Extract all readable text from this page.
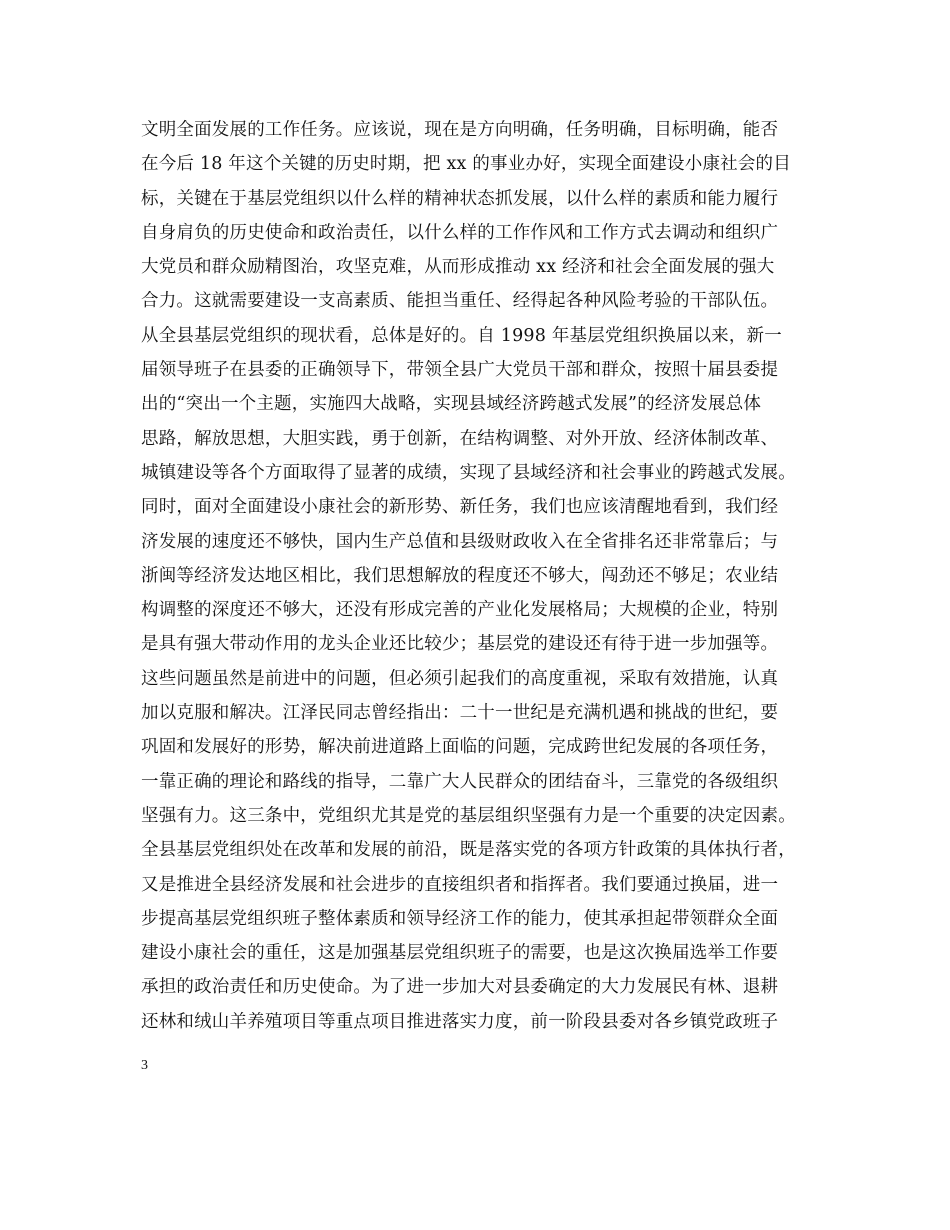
文明全面发展的工作任务。应该说，现在是方向明确，任务明确，目标明确，能否
在今后 18 年这个关键的历史时期，把 xx 的事业办好，实现全面建设小康社会的目
标，关键在于基层党组织以什么样的精神状态抓发展，以什么样的素质和能力履行
自身肩负的历史使命和政治责任，以什么样的工作作风和工作方式去调动和组织广
大党员和群众励精图治，攻坚克难，从而形成推动 xx 经济和社会全面发展的强大
合力。这就需要建设一支高素质、能担当重任、经得起各种风险考验的干部队伍。
从全县基层党组织的现状看，总体是好的。自 1998 年基层党组织换届以来，新一
届领导班子在县委的正确领导下，带领全县广大党员干部和群众，按照十届县委提
出的“突出一个主题，实施四大战略，实现县域经济跨越式发展”的经济发展总体
思路，解放思想，大胆实践，勇于创新，在结构调整、对外开放、经济体制改革、
城镇建设等各个方面取得了显著的成绩，实现了县域经济和社会事业的跨越式发展。
同时，面对全面建设小康社会的新形势、新任务，我们也应该清醒地看到，我们经
济发展的速度还不够快，国内生产总值和县级财政收入在全省排名还非常靠后；与
浙闽等经济发达地区相比，我们思想解放的程度还不够大，闯劲还不够足；农业结
构调整的深度还不够大，还没有形成完善的产业化发展格局；大规模的企业，特别
是具有强大带动作用的龙头企业还比较少；基层党的建设还有待于进一步加强等。
这些问题虽然是前进中的问题，但必须引起我们的高度重视，采取有效措施，认真
加以克服和解决。江泽民同志曾经指出：二十一世纪是充满机遇和挑战的世纪，要
巩固和发展好的形势，解决前进道路上面临的问题，完成跨世纪发展的各项任务，
一靠正确的理论和路线的指导，二靠广大人民群众的团结奋斗，三靠党的各级组织
坚强有力。这三条中，党组织尤其是党的基层组织坚强有力是一个重要的决定因素。
全县基层党组织处在改革和发展的前沿，既是落实党的各项方针政策的具体执行者，
又是推进全县经济发展和社会进步的直接组织者和指挥者。我们要通过换届，进一
步提高基层党组织班子整体素质和领导经济工作的能力，使其承担起带领群众全面
建设小康社会的重任，这是加强基层党组织班子的需要，也是这次换届选举工作要
承担的政治责任和历史使命。为了进一步加大对县委确定的大力发展民有林、退耕
还林和绒山羊养殖项目等重点项目推进落实力度，前一阶段县委对各乡镇党政班子
3
